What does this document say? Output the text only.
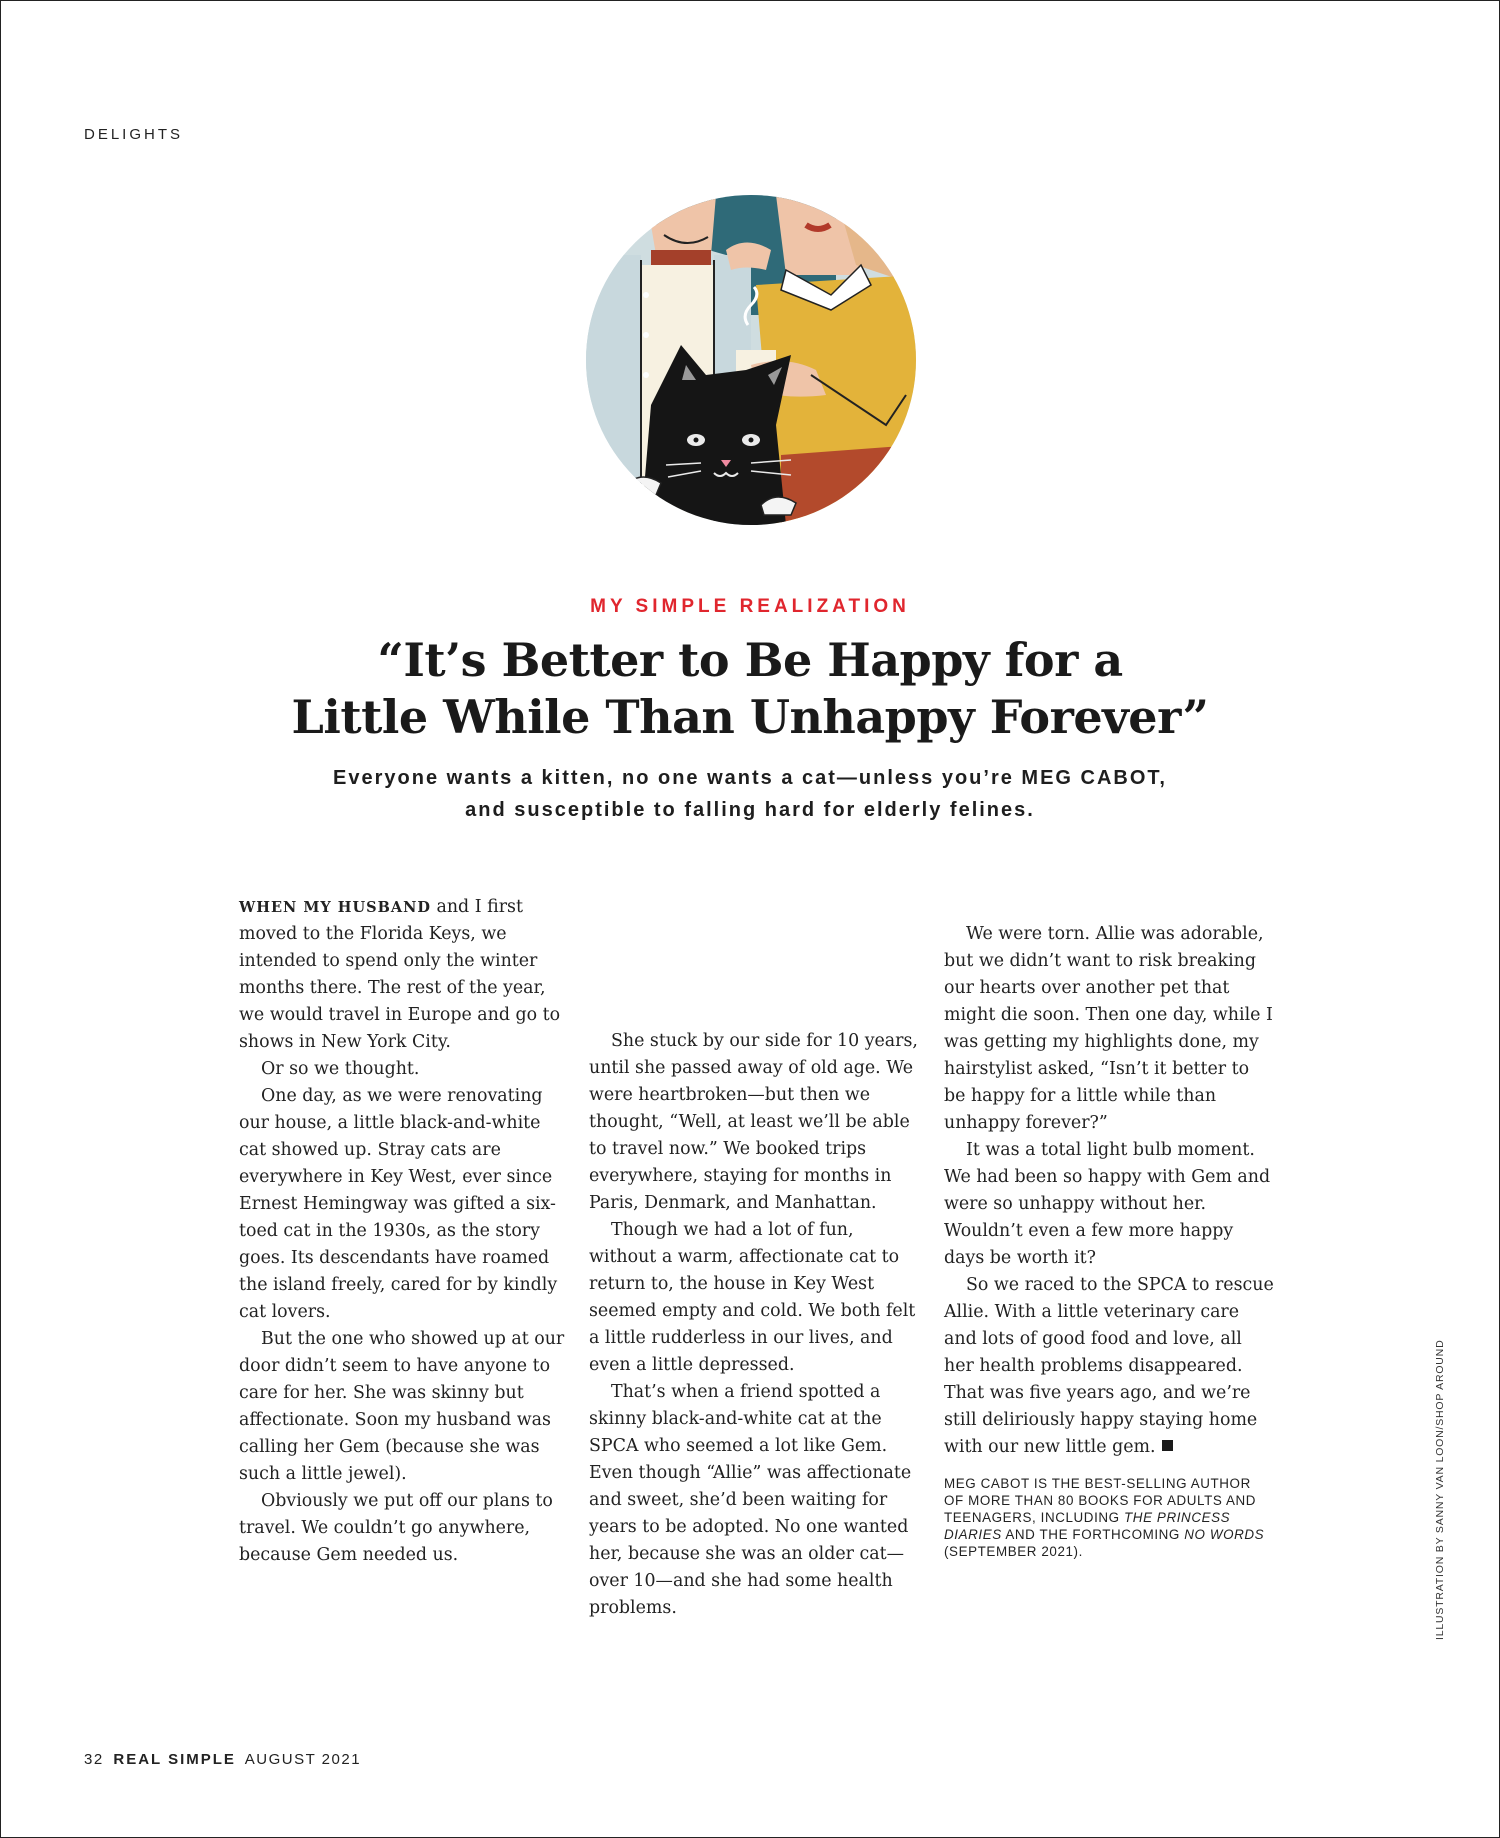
DELIGHTS
MY SIMPLE REALIZATION
“It’s Better to Be Happy for a
Little While Than Unhappy Forever”
Everyone wants a kitten, no one wants a cat—unless you’re MEG CABOT,
and susceptible to falling hard for elderly felines.

WHEN MY HUSBAND and I first moved to the Florida Keys, we intended to spend only the winter months there. The rest of the year, we would travel in Europe and go to shows in New York City.

Or so we thought.

One day, as we were renovating our house, a little black-and-white cat showed up. Stray cats are everywhere in Key West, ever since Ernest Hemingway was gifted a six-toed cat in the 1930s, as the story goes. Its descendants have roamed the island freely, cared for by kindly cat lovers.

But the one who showed up at our door didn’t seem to have anyone to care for her. She was skinny but affectionate. Soon my husband was calling her Gem (because she was such a little jewel).

Obviously we put off our plans to travel. We couldn’t go anywhere, because Gem needed us.

She stuck by our side for 10 years, until she passed away of old age. We were heartbroken—but then we thought, “Well, at least we’ll be able to travel now.” We booked trips everywhere, staying for months in Paris, Denmark, and Manhattan.

Though we had a lot of fun, without a warm, affectionate cat to return to, the house in Key West seemed empty and cold. We both felt a little rudderless in our lives, and even a little depressed.

That’s when a friend spotted a skinny black-and-white cat at the SPCA who seemed a lot like Gem. Even though “Allie” was affectionate and sweet, she’d been waiting for years to be adopted. No one wanted her, because she was an older cat—over 10—and she had some health problems.

We were torn. Allie was adorable, but we didn’t want to risk breaking our hearts over another pet that might die soon. Then one day, while I was getting my highlights done, my hairstylist asked, “Isn’t it better to be happy for a little while than unhappy forever?”

It was a total light bulb moment. We had been so happy with Gem and were so unhappy without her. Wouldn’t even a few more happy days be worth it?

So we raced to the SPCA to rescue Allie. With a little veterinary care and lots of good food and love, all her health problems disappeared. That was five years ago, and we’re still deliriously happy staying home with our new little gem.

MEG CABOT IS THE BEST-SELLING AUTHOR OF MORE THAN 80 BOOKS FOR ADULTS AND TEENAGERS, INCLUDING THE PRINCESS DIARIES AND THE FORTHCOMING NO WORDS (SEPTEMBER 2021).	ILLUSTRATION BY SANNY VAN LOON/SHOP AROUND
32 REAL SIMPLE AUGUST 2021
